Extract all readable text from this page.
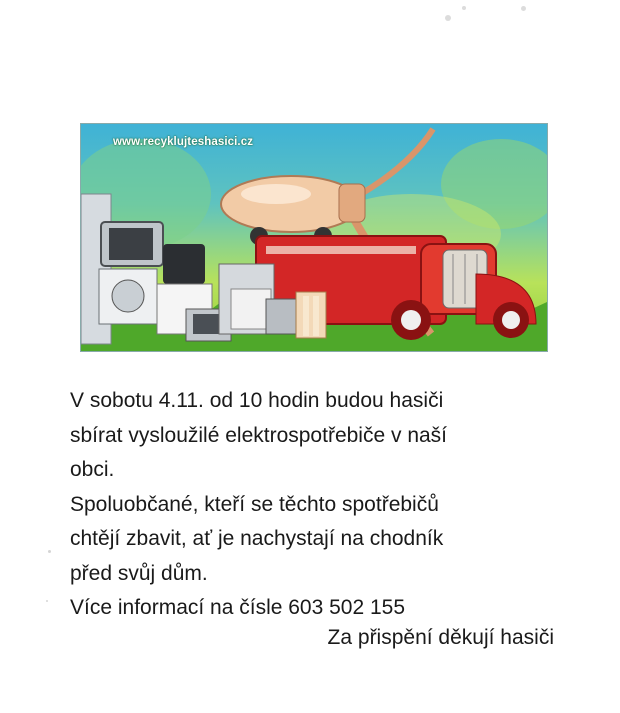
www.recyklujteshasici.cz

V sobotu 4.11. od 10 hodin budou hasiči

sbírat vysloužilé elektrospotřebiče v naší

obci.

Spoluobčané, kteří se těchto spotřebičů

chtějí zbavit, ať je nachystají na chodník

před svůj dům.

Více informací na čísle 603 502 155

Za přispění děkují hasiči
